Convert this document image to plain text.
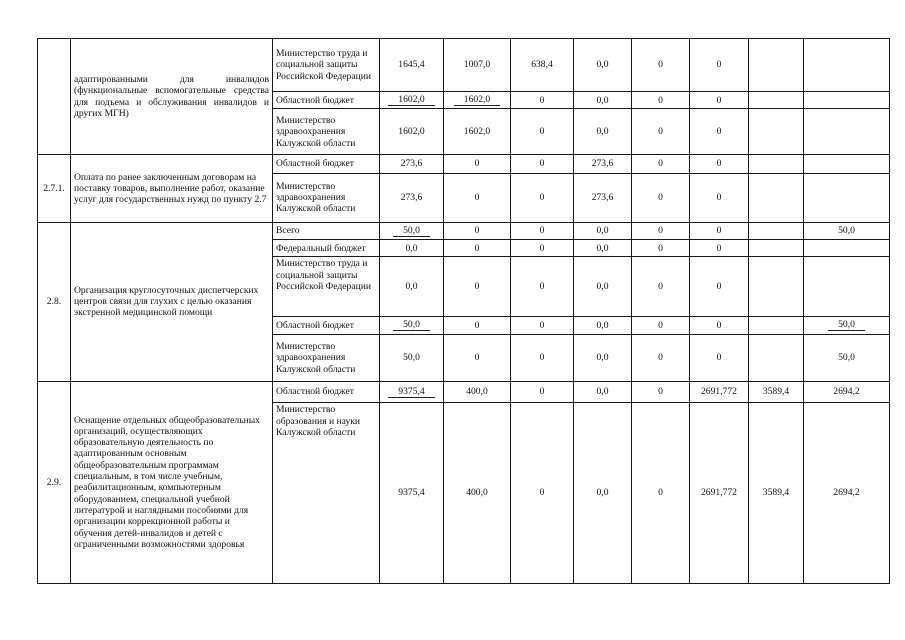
	адаптированными для инвалидов (функциональные вспомогательные средства для подъема и обслуживания инвалидов и других МГН)	Министерство труда и социальной защиты Российской Федерации	1645,4	1007,0	638,4	0,0	0	0		
		Областной бюджет	1602,0	1602,0	0	0,0	0	0		
		Министерство здравоохранения Калужской области	1602,0	1602,0	0	0,0	0	0		
2.7.1.	Оплата по ранее заключенным договорам на поставку товаров, выполнение работ, оказание услуг для государственных нужд по пункту 2.7	Областной бюджет	273,6	0	0	273,6	0	0		
		Министерство здравоохранения Калужской области	273,6	0	0	273,6	0	0		
2.8.	Организация круглосуточных диспетчерских центров связи для глухих с целью оказания экстренной медицинской помощи	Всего	50,0	0	0	0,0	0	0		50,0
		Федеральный бюджет	0,0	0	0	0,0	0	0		
		Министерство труда и социальной защиты Российской Федерации	0,0	0	0	0,0	0	0		
		Областной бюджет	50,0	0	0	0,0	0	0		50,0
		Министерство здравоохранения Калужской области	50,0	0	0	0,0	0	0		50,0
2.9.	Оснащение отдельных общеобразовательных организаций, осуществляющих образовательную деятельность по адаптированным основным общеобразовательным программам специальным, в том числе учебным, реабилитационным, компьютерным оборудованием, специальной учебной литературой и наглядными пособиями для организации коррекционной работы и обучения детей-инвалидов и детей с ограниченными возможностями здоровья	Областной бюджет	9375,4	400,0	0	0,0	0	2691,772	3589,4	2694,2
		Министерство образования и науки Калужской области	9375,4	400,0	0	0,0	0	2691,772	3589,4	2694,2
